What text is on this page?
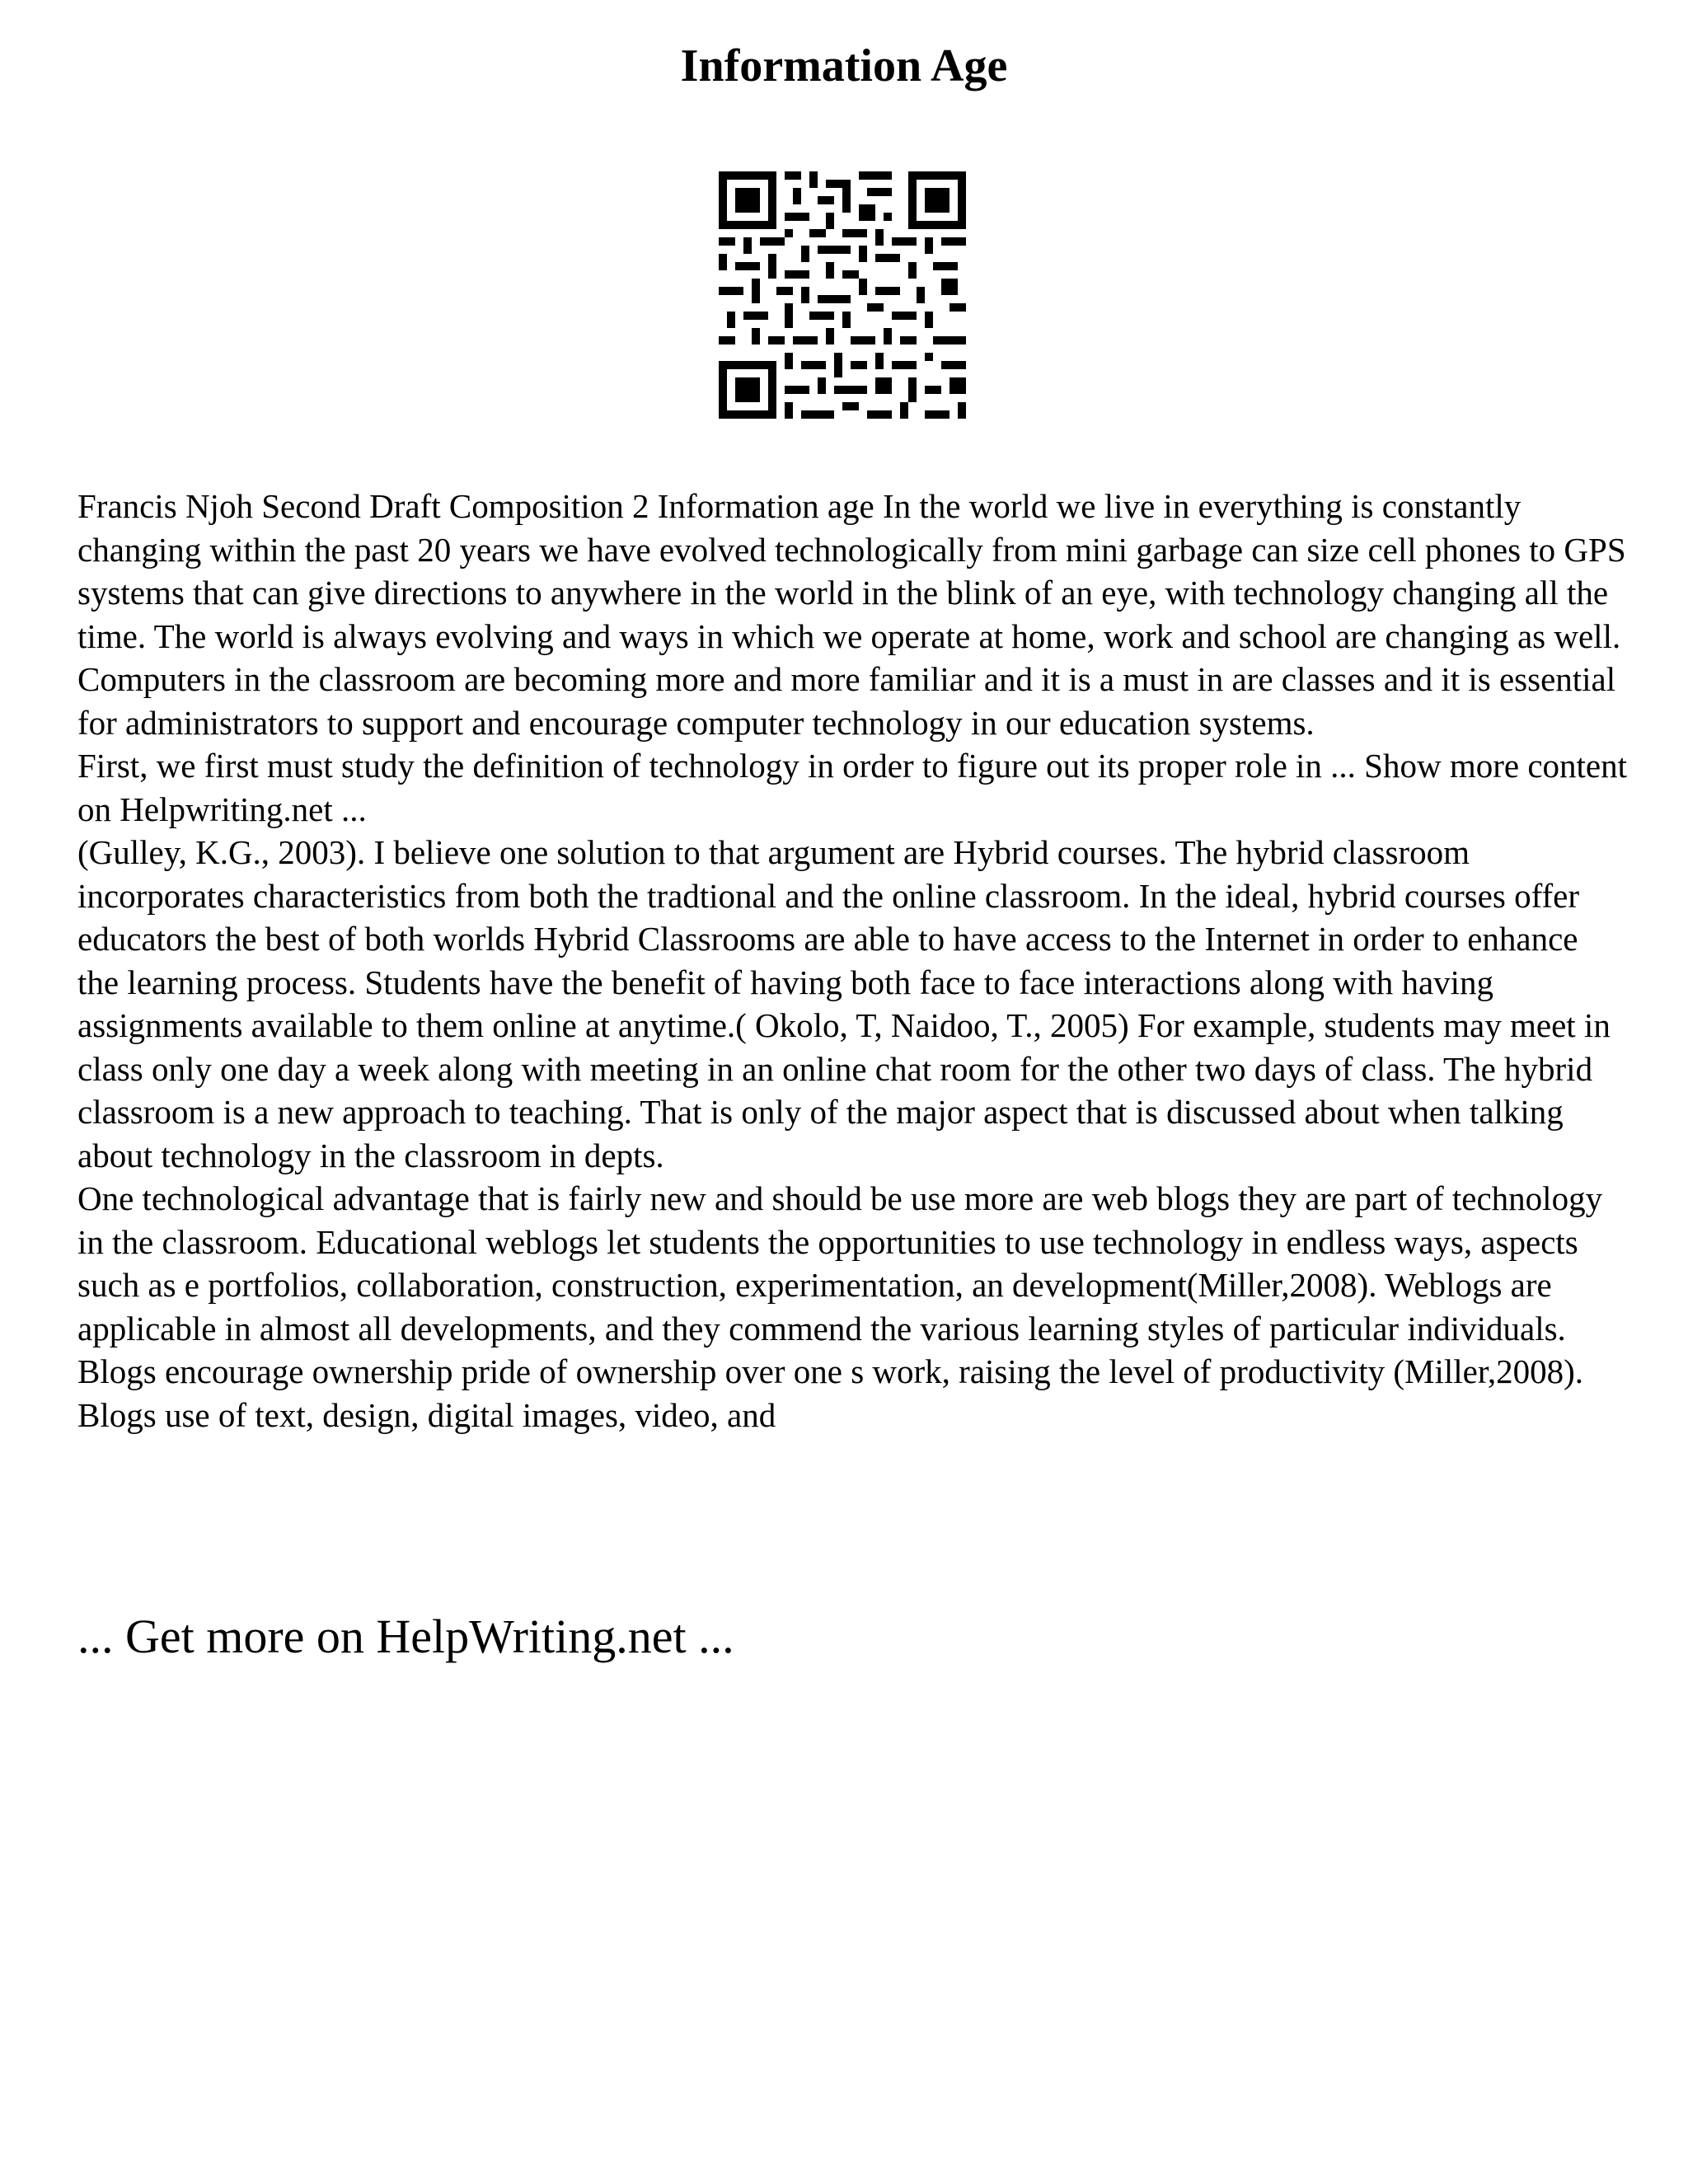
Information Age

Francis Njoh Second Draft Composition 2 Information age In the world we live in everything is constantly changing within the past 20 years we have evolved technologically from mini garbage can size cell phones to GPS systems that can give directions to anywhere in the world in the blink of an eye, with technology changing all the time. The world is always evolving and ways in which we operate at home, work and school are changing as well. Computers in the classroom are becoming more and more familiar and it is a must in are classes and it is essential for administrators to support and encourage computer technology in our education systems.

First, we first must study the definition of technology in order to figure out its proper role in ... Show more content on Helpwriting.net ...

(Gulley, K.G., 2003). I believe one solution to that argument are Hybrid courses. The hybrid classroom incorporates characteristics from both the tradtional and the online classroom. In the ideal, hybrid courses offer educators the best of both worlds Hybrid Classrooms are able to have access to the Internet in order to enhance the learning process. Students have the benefit of having both face to face interactions along with having assignments available to them online at anytime.( Okolo, T, Naidoo, T., 2005) For example, students may meet in class only one day a week along with meeting in an online chat room for the other two days of class. The hybrid classroom is a new approach to teaching. That is only of the major aspect that is discussed about when talking about technology in the classroom in depts.

One technological advantage that is fairly new and should be use more are web blogs they are part of technology in the classroom. Educational weblogs let students the opportunities to use technology in endless ways, aspects such as e portfolios, collaboration, construction, experimentation, an development(Miller,2008). Weblogs are applicable in almost all developments, and they commend the various learning styles of particular individuals. Blogs encourage ownership pride of ownership over one s work, raising the level of productivity (Miller,2008). Blogs use of text, design, digital images, video, and

... Get more on HelpWriting.net ...
